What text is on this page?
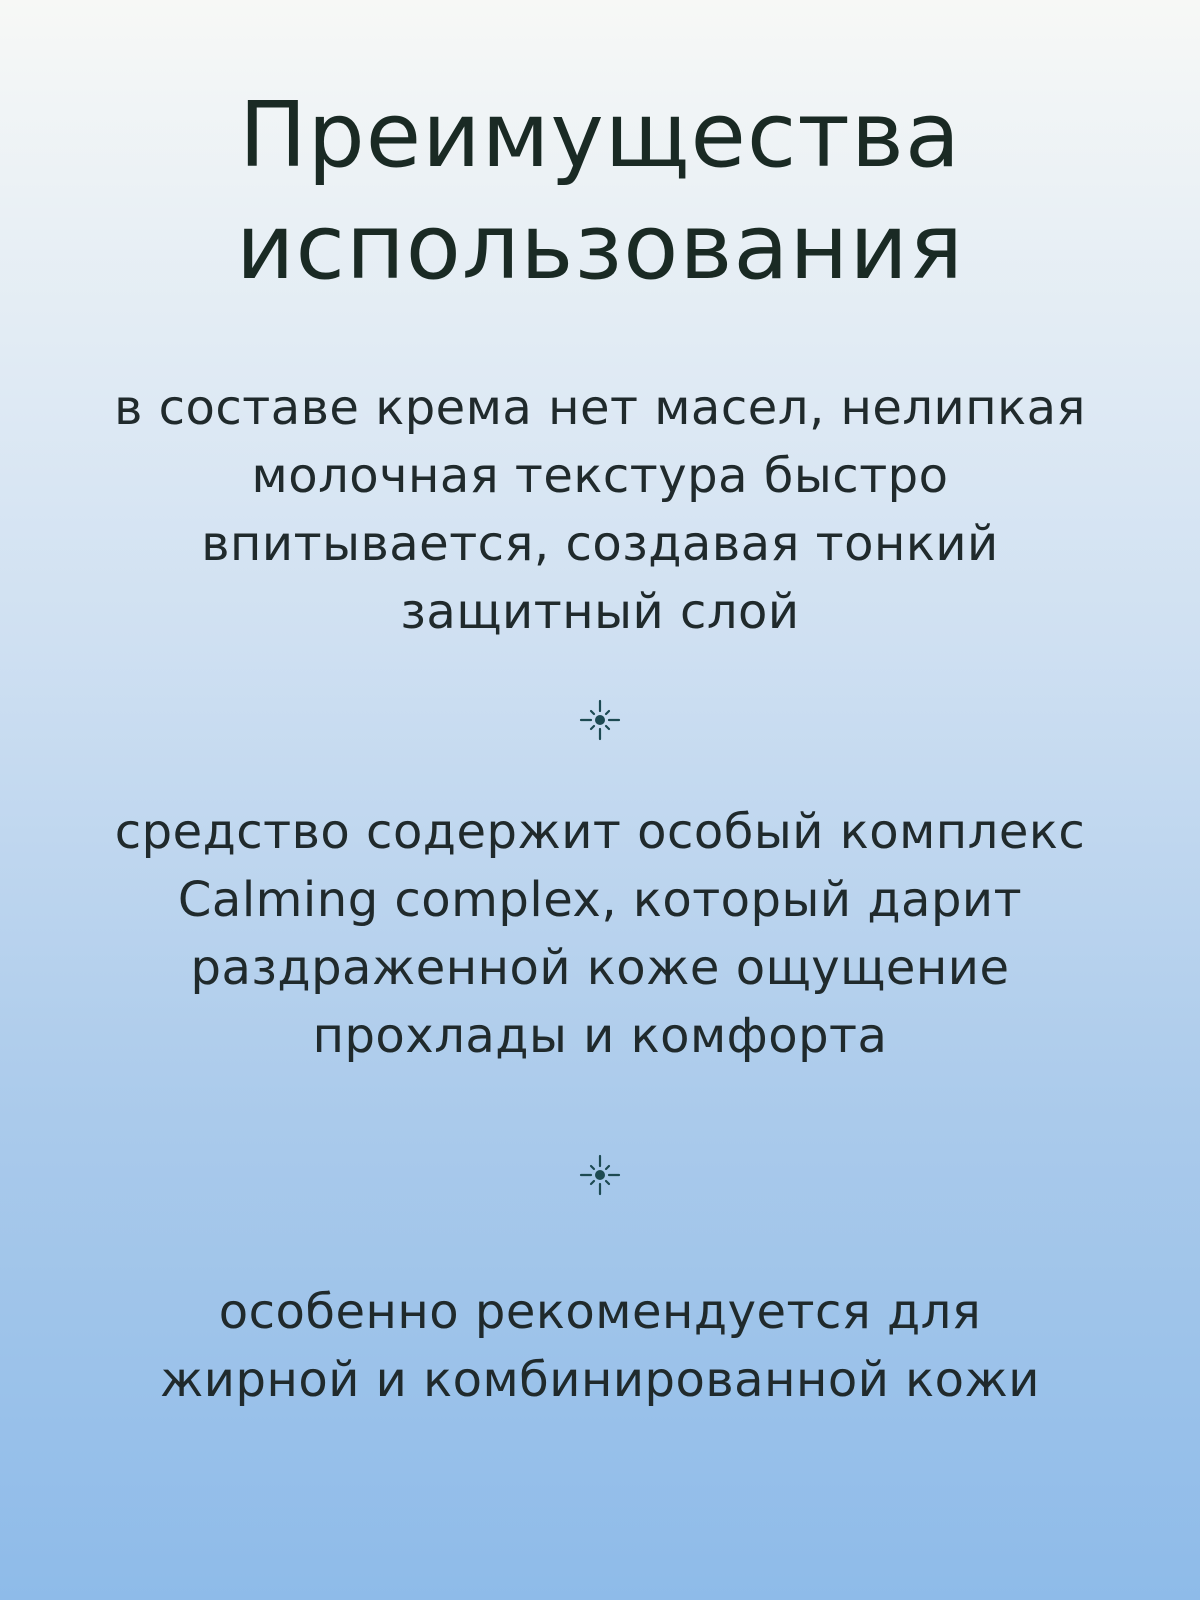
Преимущества
использования
в составе крема нет масел, нелипкая
молочная текстура быстро
впитывается, создавая тонкий
защитный слой
средство содержит особый комплекс
Calming complex, который дарит
раздраженной коже ощущение
прохлады и комфорта
особенно рекомендуется для
жирной и комбинированной кожи
